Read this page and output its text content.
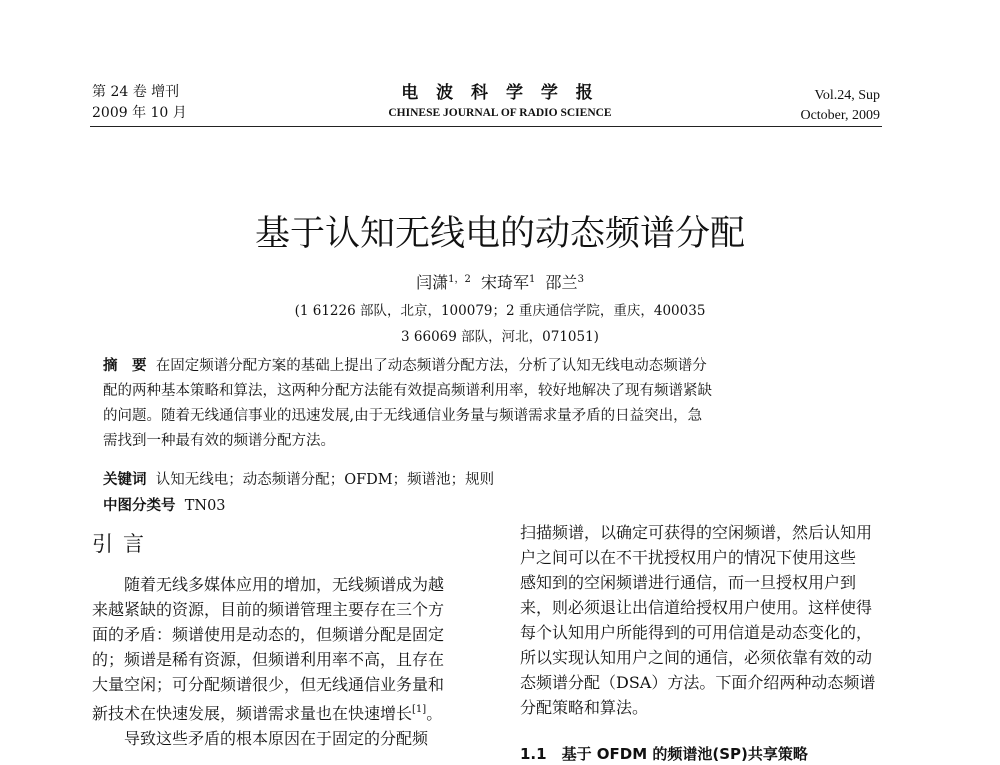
第 24 卷 增刊
2009 年 10 月
电 波 科 学 学 报
CHINESE JOURNAL OF RADIO SCIENCE
Vol.24, Sup
October, 2009
基于认知无线电的动态频谱分配
闫潇$^{1,2}$ 宋琦军$^1$ 邵兰$^3$
(1 61226 部队，北京，100079；2 重庆通信学院，重庆，400035
3 66069 部队，河北，071051)
摘　要 在固定频谱分配方案的基础上提出了动态频谱分配方法，分析了认知无线电动态频谱分
配的两种基本策略和算法，这两种分配方法能有效提高频谱利用率，较好地解决了现有频谱紧缺
的问题。随着无线通信事业的迅速发展,由于无线通信业务量与频谱需求量矛盾的日益突出，急
需找到一种最有效的频谱分配方法。
关键词 认知无线电；动态频谱分配；OFDM；频谱池；规则
中图分类号 TN03
引言
　　随着无线多媒体应用的增加，无线频谱成为越
来越紧缺的资源，目前的频谱管理主要存在三个方
面的矛盾：频谱使用是动态的，但频谱分配是固定
的；频谱是稀有资源，但频谱利用率不高，且存在
大量空闲；可分配频谱很少，但无线通信业务量和
新技术在快速发展，频谱需求量也在快速增长[1]。
　　导致这些矛盾的根本原因在于固定的分配频
扫描频谱，以确定可获得的空闲频谱，然后认知用
户之间可以在不干扰授权用户的情况下使用这些
感知到的空闲频谱进行通信，而一旦授权用户到
来，则必须退让出信道给授权用户使用。这样使得
每个认知用户所能得到的可用信道是动态变化的，
所以实现认知用户之间的通信，必须依靠有效的动
态频谱分配（DSA）方法。下面介绍两种动态频谱
分配策略和算法。
1.1　基于 OFDM 的频谱池(SP)共享策略
